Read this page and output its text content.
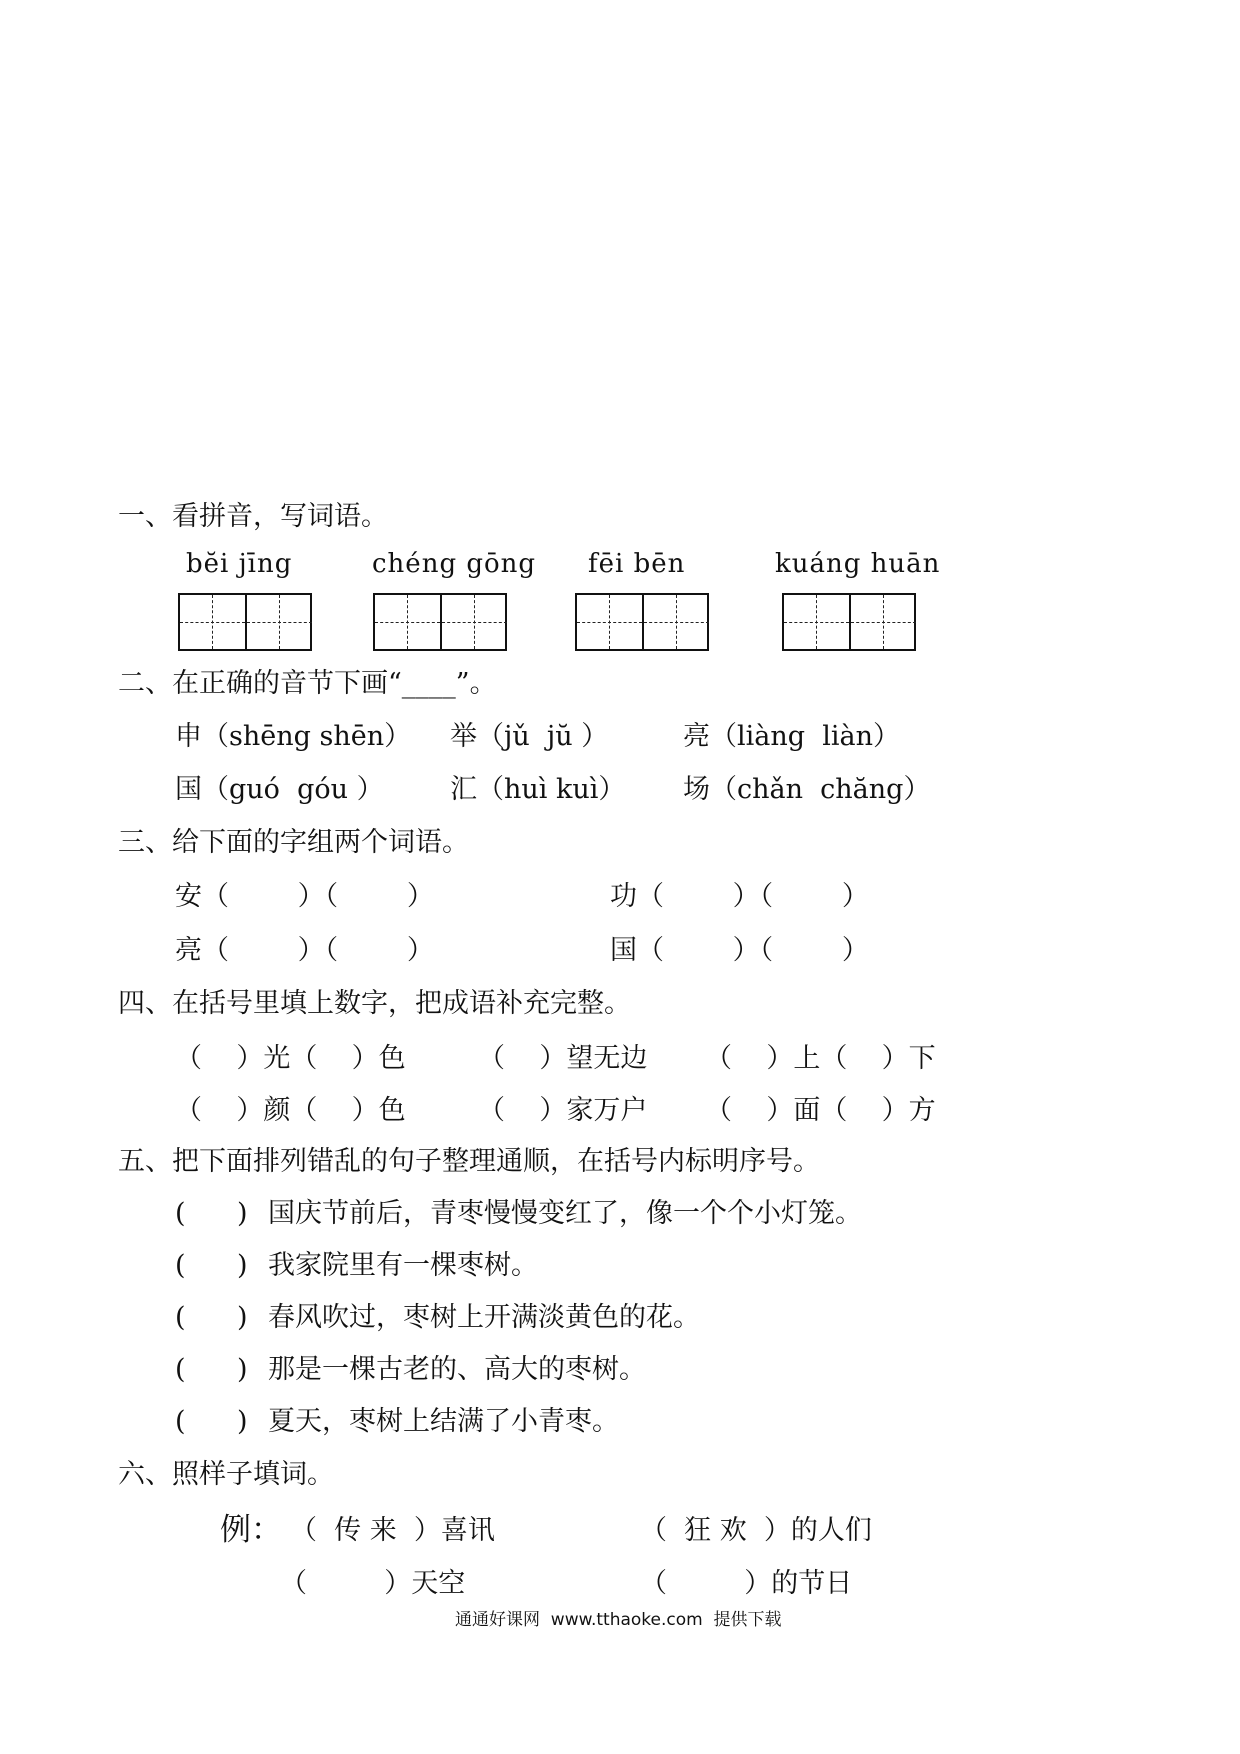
一、看拼音，写词语。
bĕi jīng	chéng gōng fēi bēn	kuáng huān
二、在正确的音节下画“____”。
申（shēng shēn） 举（jǔ  jŭ ）	亮（liàng  liàn）
国（guó  góu ） 汇（huì kuì） 场（chǎn  chăng）
三、给下面的字组两个词语。
安（        ）（        ）	功（        ）（        ）
亮（        ）（        ）	国（        ）（        ）
四、在括号里填上数字，把成语补充完整。
（    ）光（    ）色	（    ）望无边 （    ）上（    ）下
（    ）颜（    ）色	（    ）家万户 （    ）面（    ）方
五、把下面排列错乱的句子整理通顺，在括号内标明序号。
(      ) 国庆节前后，青枣慢慢变红了，像一个个小灯笼。
(      ) 我家院里有一棵枣树。
(      ) 春风吹过，枣树上开满淡黄色的花。
(      ) 那是一棵古老的、高大的枣树。
(      ) 夏天，枣树上结满了小青枣。
六、照样子填词。
例： （  传 来  ）喜讯	（  狂 欢  ）的人们
（         ）天空	（         ）的节日
通通好课网  www.tthaoke.com  提供下载
